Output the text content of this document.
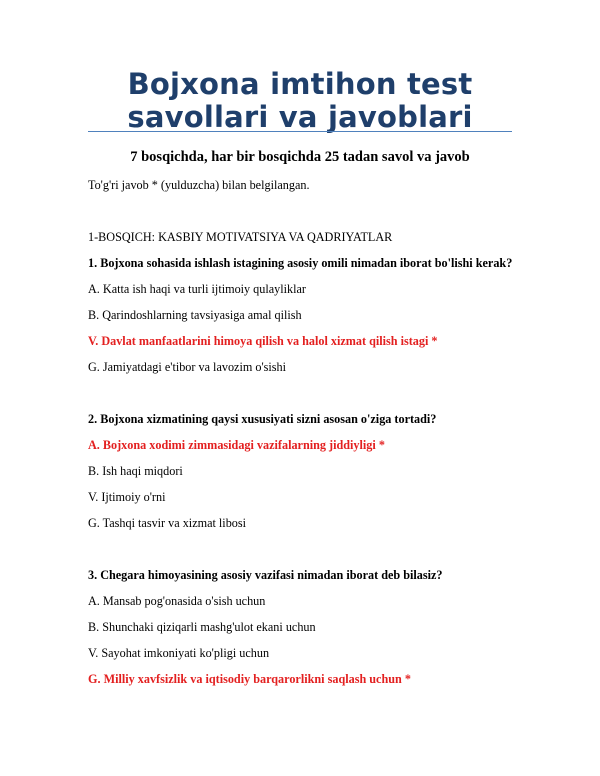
Bojxona imtihon test
savollari va javoblari
7 bosqichda, har bir bosqichda 25 tadan savol va javob
To'g'ri javob * (yulduzcha) bilan belgilangan.
1-BOSQICH: KASBIY MOTIVATSIYA VA QADRIYATLAR
1. Bojxona sohasida ishlash istagining asosiy omili nimadan iborat bo'lishi kerak?
A. Katta ish haqi va turli ijtimoiy qulayliklar
B. Qarindoshlarning tavsiyasiga amal qilish
V. Davlat manfaatlarini himoya qilish va halol xizmat qilish istagi *
G. Jamiyatdagi e'tibor va lavozim o'sishi
2. Bojxona xizmatining qaysi xususiyati sizni asosan o'ziga tortadi?
A. Bojxona xodimi zimmasidagi vazifalarning jiddiyligi *
B. Ish haqi miqdori
V. Ijtimoiy o'rni
G. Tashqi tasvir va xizmat libosi
3. Chegara himoyasining asosiy vazifasi nimadan iborat deb bilasiz?
A. Mansab pog'onasida o'sish uchun
B. Shunchaki qiziqarli mashg'ulot ekani uchun
V. Sayohat imkoniyati ko'pligi uchun
G. Milliy xavfsizlik va iqtisodiy barqarorlikni saqlash uchun *
